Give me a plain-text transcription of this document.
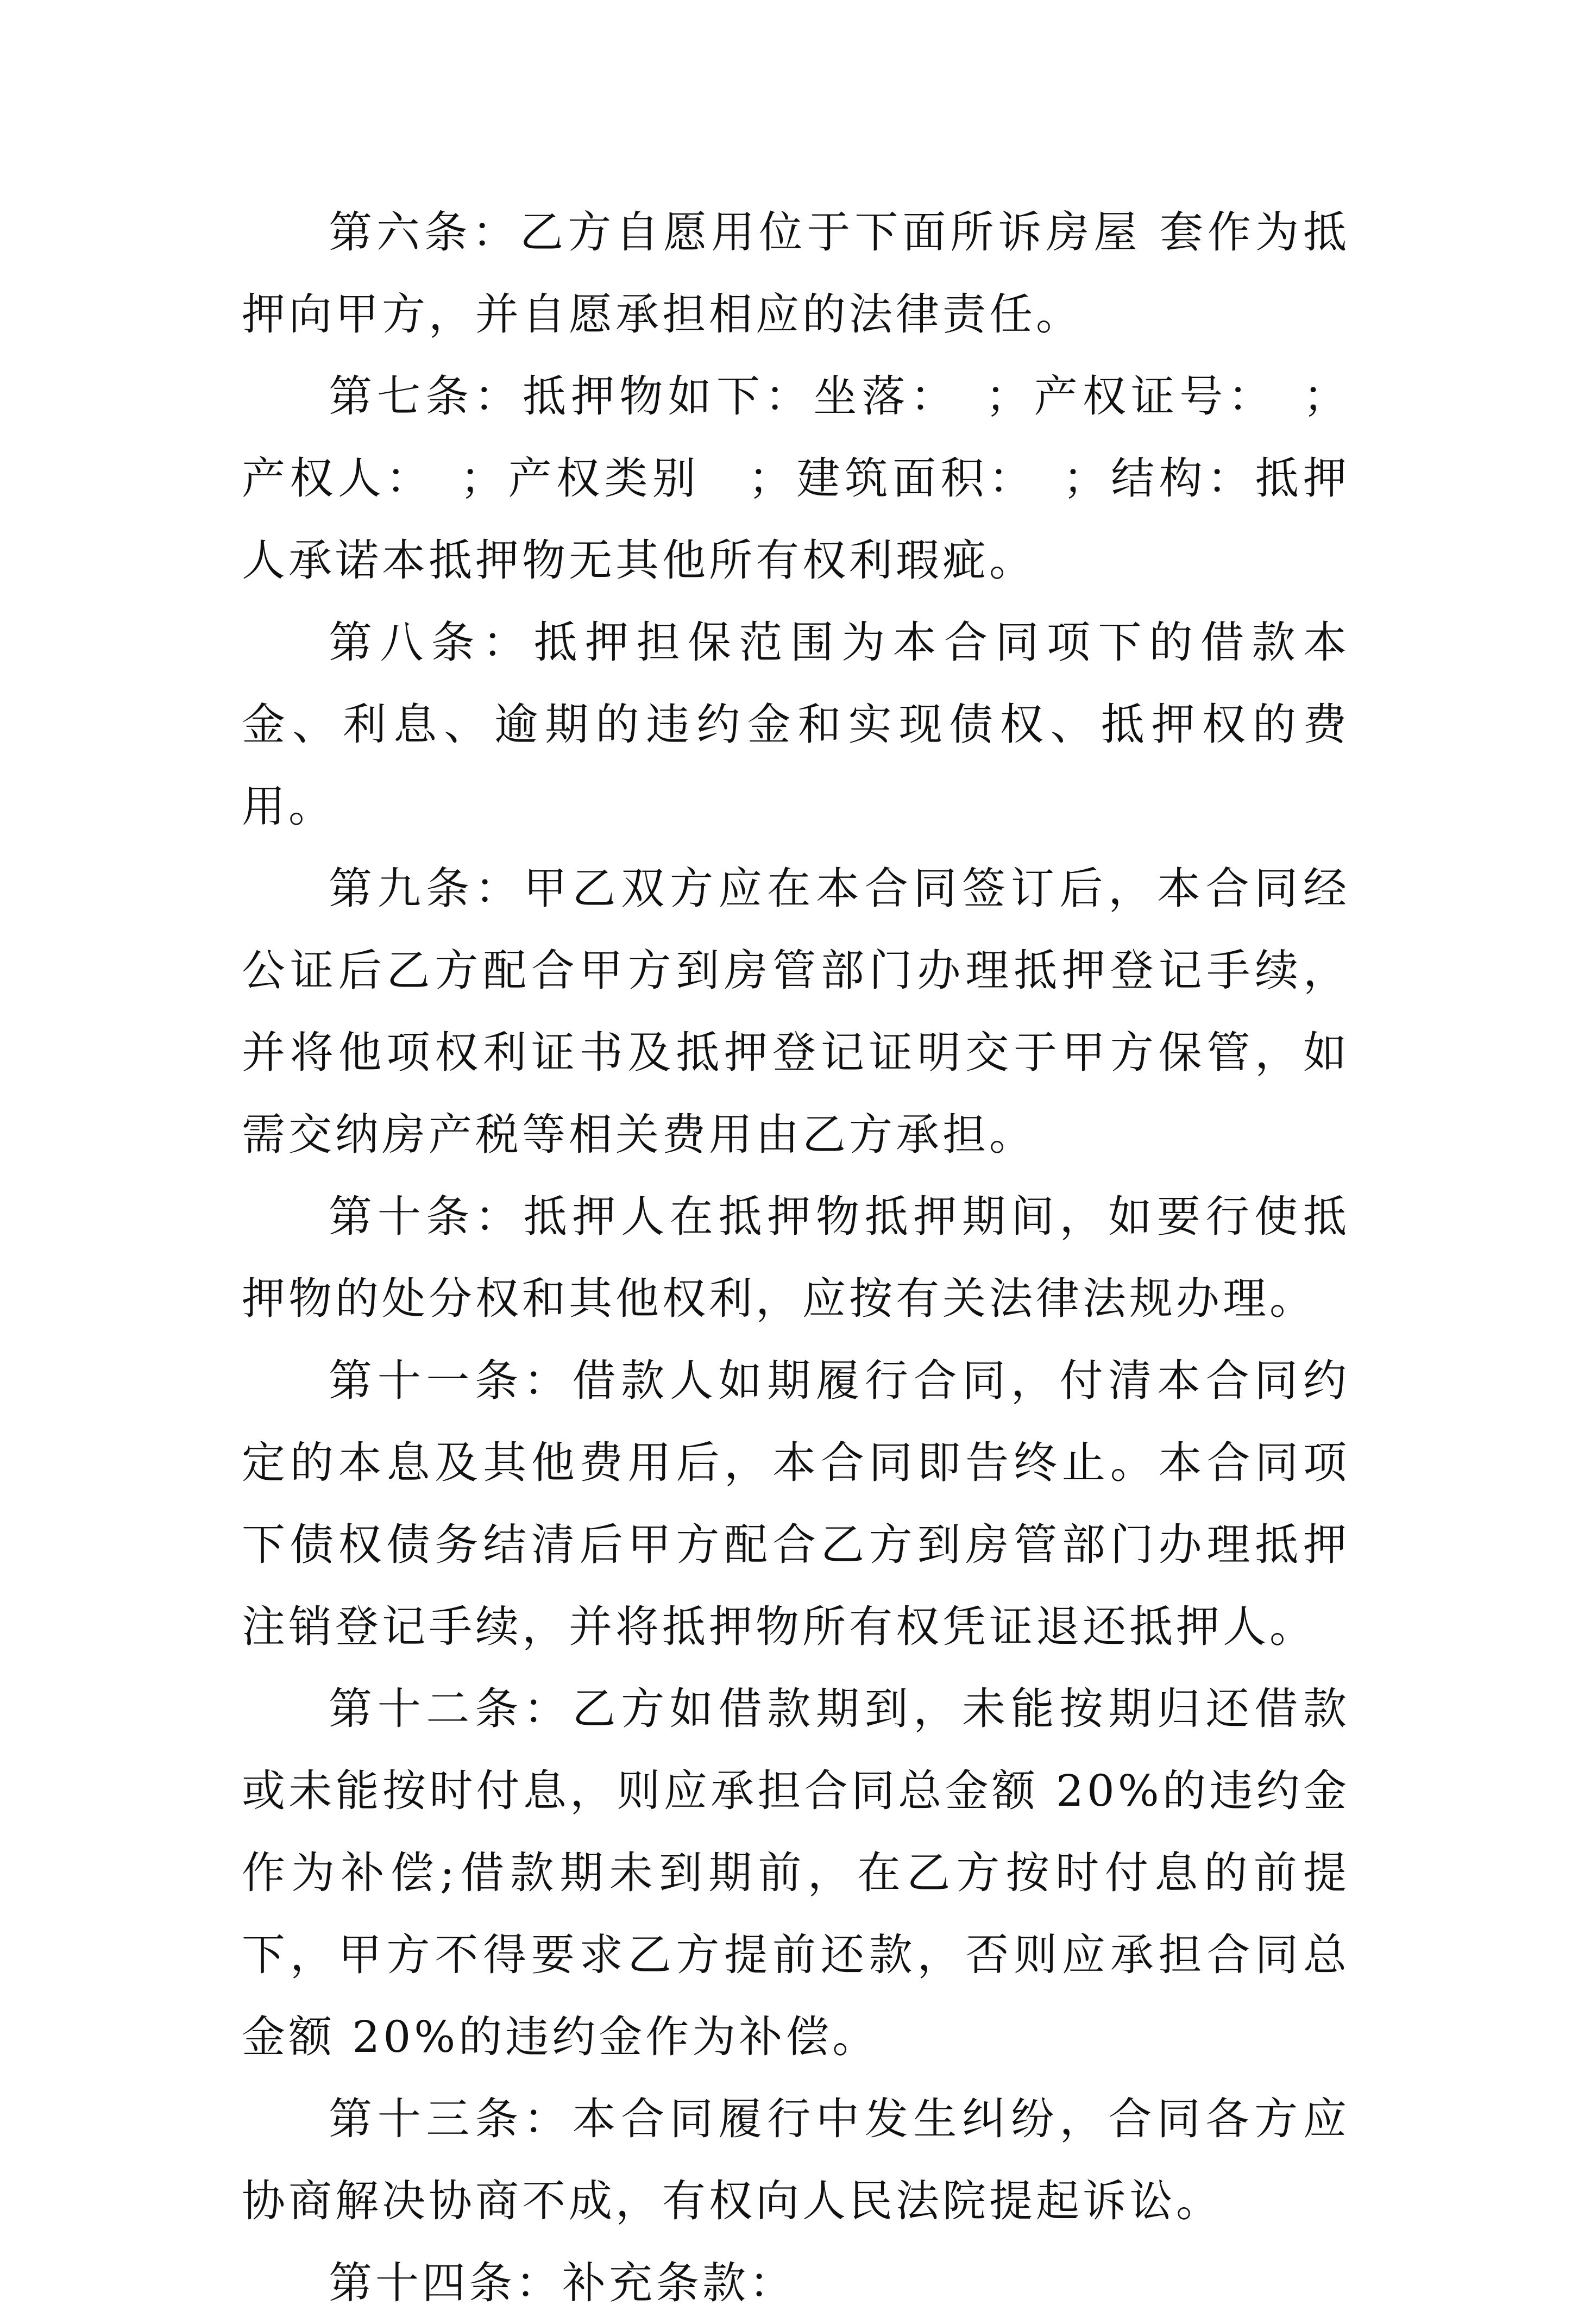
第六条：乙方自愿用位于下面所诉房屋 套作为抵押向甲方，并自愿承担相应的法律责任。

第七条：抵押物如下：坐落：　；产权证号：　；产权人：　；产权类别　；建筑面积：　；结构：抵押人承诺本抵押物无其他所有权利瑕疵。

第八条：抵押担保范围为本合同项下的借款本金、利息、逾期的违约金和实现债权、抵押权的费用。

第九条：甲乙双方应在本合同签订后，本合同经公证后乙方配合甲方到房管部门办理抵押登记手续，并将他项权利证书及抵押登记证明交于甲方保管，如需交纳房产税等相关费用由乙方承担。

第十条：抵押人在抵押物抵押期间，如要行使抵押物的处分权和其他权利，应按有关法律法规办理。

第十一条：借款人如期履行合同，付清本合同约定的本息及其他费用后，本合同即告终止。本合同项下债权债务结清后甲方配合乙方到房管部门办理抵押注销登记手续，并将抵押物所有权凭证退还抵押人。

第十二条：乙方如借款期到，未能按期归还借款或未能按时付息，则应承担合同总金额 20%的违约金作为补偿;借款期未到期前，在乙方按时付息的前提下，甲方不得要求乙方提前还款，否则应承担合同总金额 20%的违约金作为补偿。

第十三条：本合同履行中发生纠纷，合同各方应协商解决协商不成，有权向人民法院提起诉讼。

第十四条：补充条款：
